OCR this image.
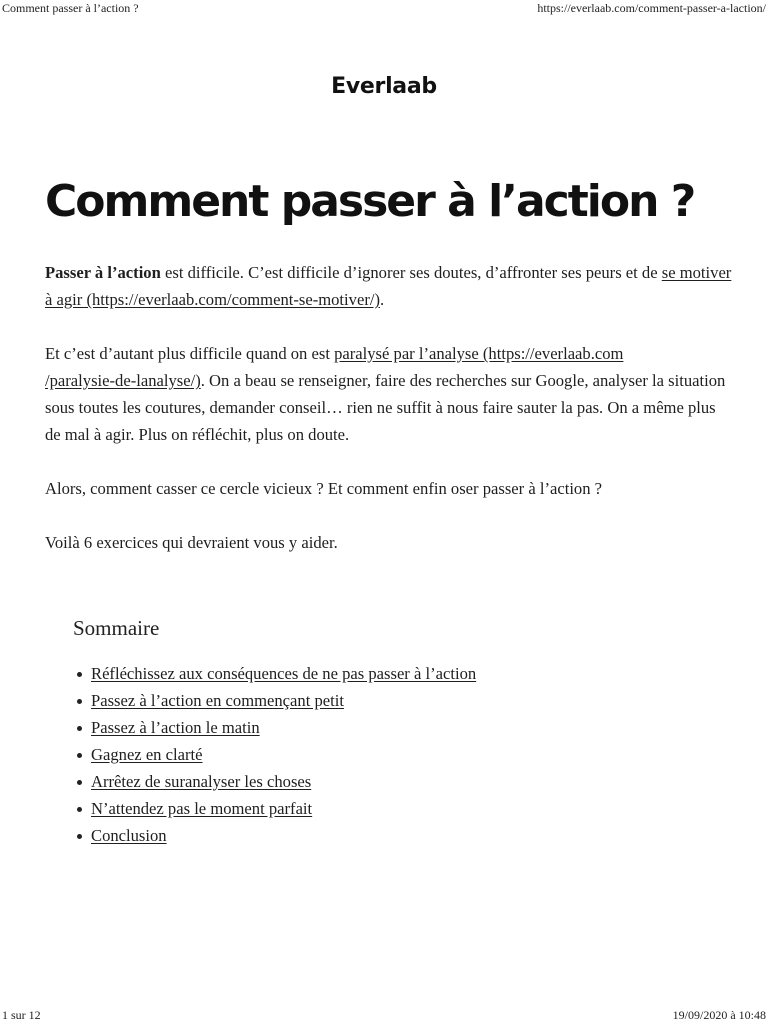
Comment passer à l’action ?	https://everlaab.com/comment-passer-a-laction/
Everlaab
Comment passer à l’action ?

Passer à l’action est difficile. C’est difficile d’ignorer ses doutes, d’affronter ses peurs et de se motiver à agir (https://everlaab.com/comment-se-motiver/).

Et c’est d’autant plus difficile quand on est paralysé par l’analyse (https://everlaab.com
/paralysie-de-lanalyse/). On a beau se renseigner, faire des recherches sur Google, analyser la situation sous toutes les coutures, demander conseil… rien ne suffit à nous faire sauter la pas. On a même plus de mal à agir. Plus on réfléchit, plus on doute.

Alors, comment casser ce cercle vicieux ? Et comment enfin oser passer à l’action ?

Voilà 6 exercices qui devraient vous y aider.

Sommaire
Réfléchissez aux conséquences de ne pas passer à l’action
Passez à l’action en commençant petit
Passez à l’action le matin
Gagnez en clarté
Arrêtez de suranalyser les choses
N’attendez pas le moment parfait
Conclusion
1 sur 12	19/09/2020 à 10:48
